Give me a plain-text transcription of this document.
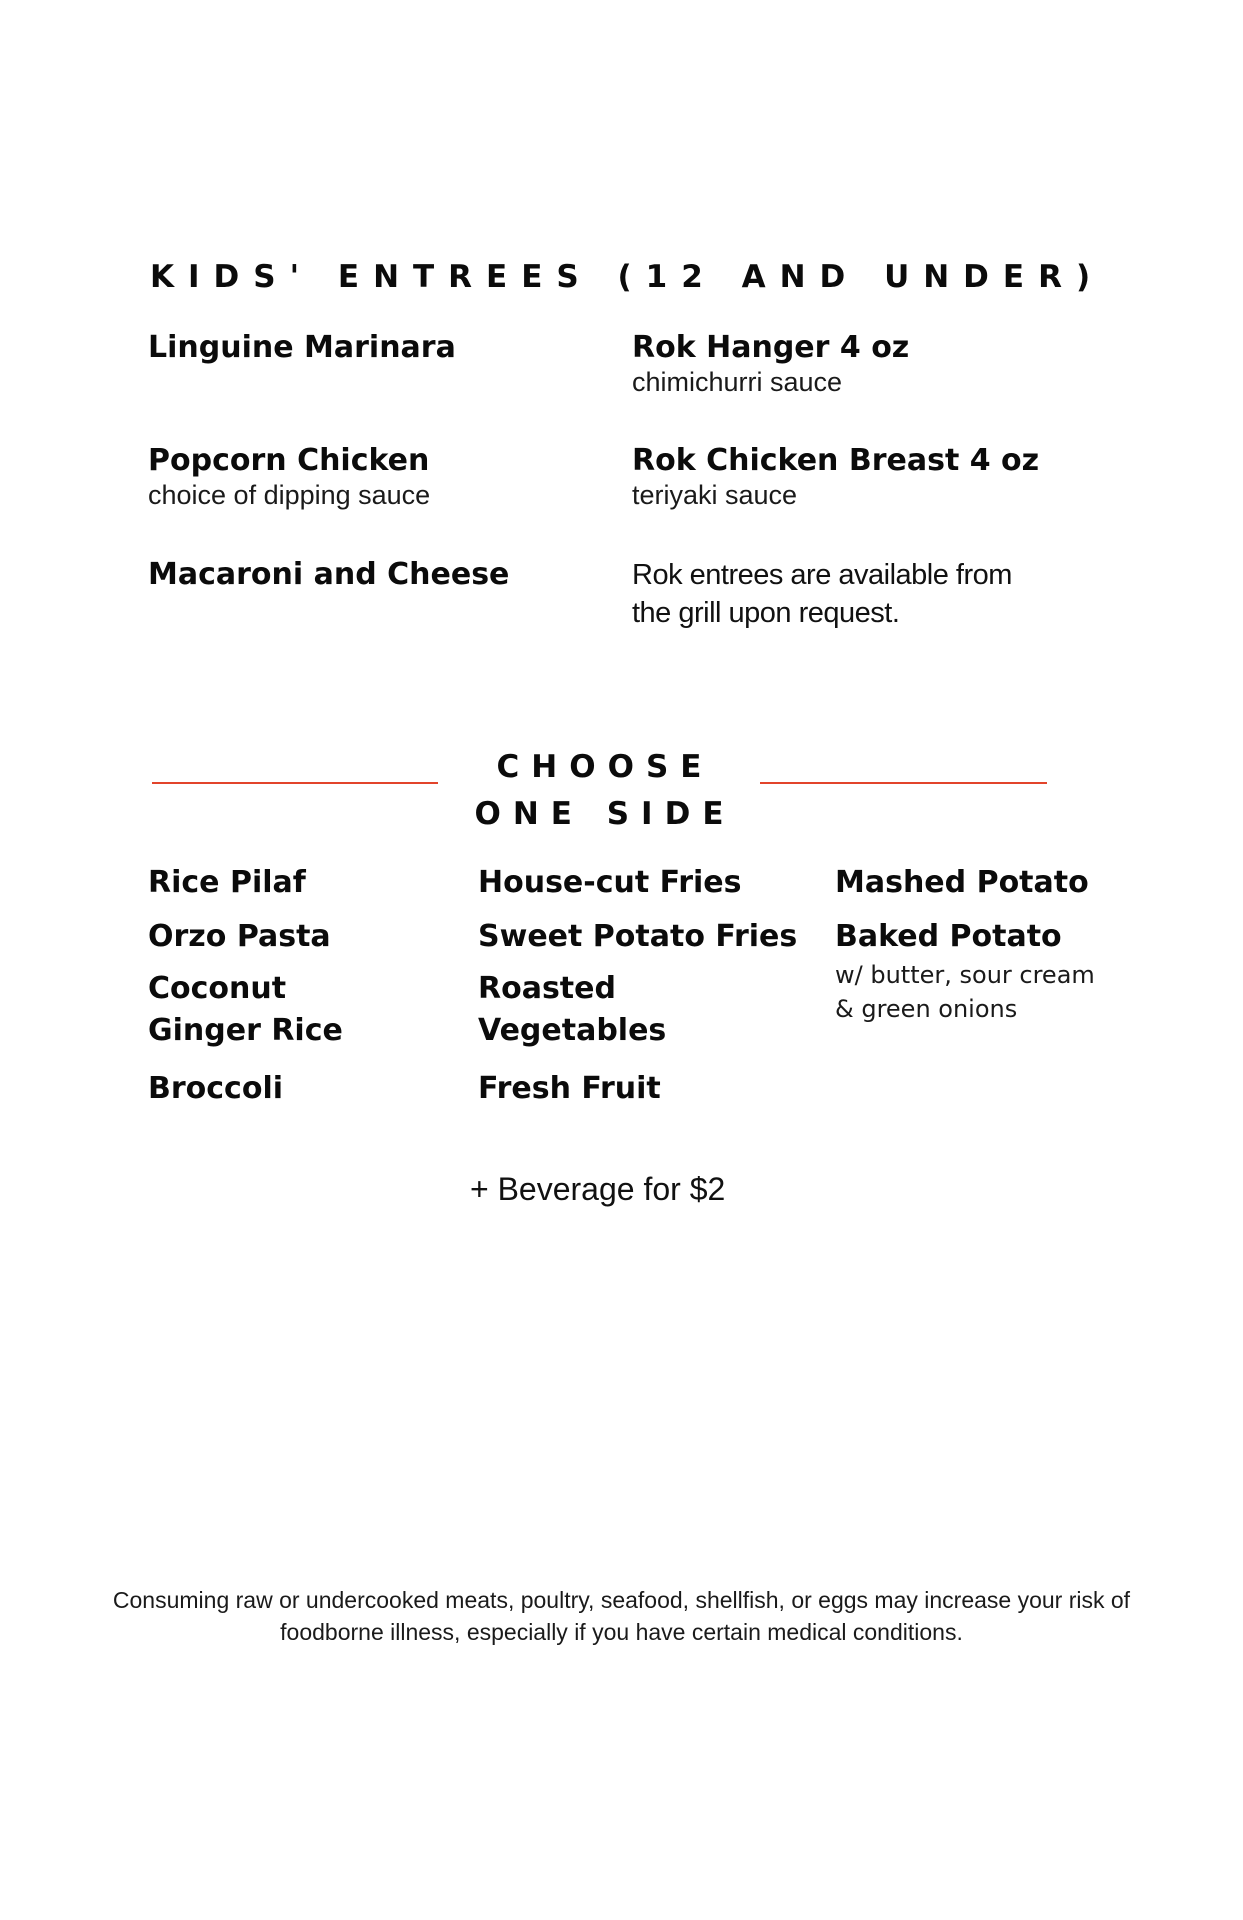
KIDS' ENTREES (12 AND UNDER)
Linguine Marinara
Popcorn Chicken
choice of dipping sauce
Macaroni and Cheese
Rok Hanger 4 oz
chimichurri sauce
Rok Chicken Breast 4 oz
teriyaki sauce
Rok entrees are available from
the grill upon request.
CHOOSE
ONE SIDE
Rice Pilaf
Orzo Pasta
Coconut
Ginger Rice
Broccoli
House-cut Fries
Sweet Potato Fries
Roasted
Vegetables
Fresh Fruit
Mashed Potato
Baked Potato
w/ butter, sour cream
& green onions
+ Beverage for $2
Consuming raw or undercooked meats, poultry, seafood, shellfish, or eggs may increase your risk of
foodborne illness, especially if you have certain medical conditions.
